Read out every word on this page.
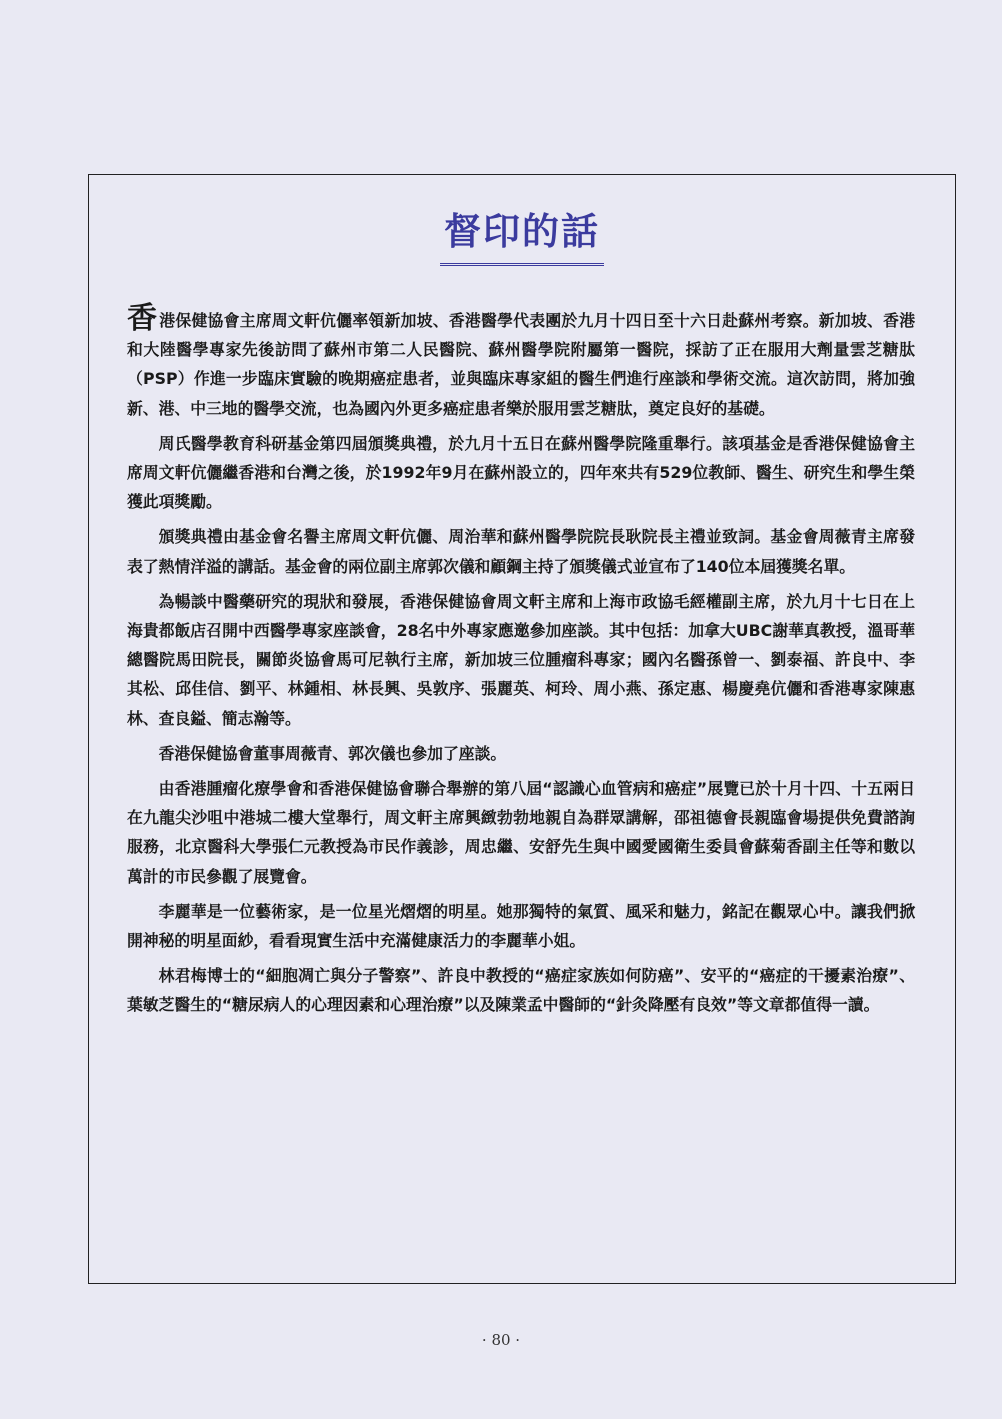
督印的話

香港保健協會主席周文軒伉儷率領新加坡、香港醫學代表團於九月十四日至十六日赴蘇州考察。新加坡、香港和大陸醫學專家先後訪問了蘇州市第二人民醫院、蘇州醫學院附屬第一醫院，採訪了正在服用大劑量雲芝糖肽（PSP）作進一步臨床實驗的晚期癌症患者，並與臨床專家組的醫生們進行座談和學術交流。這次訪問，將加強新、港、中三地的醫學交流，也為國內外更多癌症患者樂於服用雲芝糖肽，奠定良好的基礎。

周氏醫學教育科研基金第四屆頒獎典禮，於九月十五日在蘇州醫學院隆重舉行。該項基金是香港保健協會主席周文軒伉儷繼香港和台灣之後，於1992年9月在蘇州設立的，四年來共有529位教師、醫生、研究生和學生榮獲此項獎勵。

頒獎典禮由基金會名譽主席周文軒伉儷、周治華和蘇州醫學院院長耿院長主禮並致詞。基金會周薇青主席發表了熱情洋溢的講話。基金會的兩位副主席郭次儀和顧鋼主持了頒獎儀式並宣布了140位本屆獲獎名單。

為暢談中醫藥研究的現狀和發展，香港保健協會周文軒主席和上海市政協毛經權副主席，於九月十七日在上海貴都飯店召開中西醫學專家座談會，28名中外專家應邀參加座談。其中包括：加拿大UBC謝華真教授，溫哥華總醫院馬田院長，關節炎協會馬可尼執行主席，新加坡三位腫瘤科專家；國內名醫孫曾一、劉泰福、許良中、李其松、邱佳信、劉平、林鍾相、林長興、吳敦序、張麗英、柯玲、周小燕、孫定惠、楊慶堯伉儷和香港專家陳惠林、查良鎰、簡志瀚等。

香港保健協會董事周薇青、郭次儀也參加了座談。

由香港腫瘤化療學會和香港保健協會聯合舉辦的第八屆“認識心血管病和癌症”展覽已於十月十四、十五兩日在九龍尖沙咀中港城二樓大堂舉行，周文軒主席興緻勃勃地親自為群眾講解，邵祖德會長親臨會場提供免費諮詢服務，北京醫科大學張仁元教授為市民作義診，周忠繼、安舒先生與中國愛國衛生委員會蘇菊香副主任等和數以萬計的市民參觀了展覽會。

李麗華是一位藝術家，是一位星光熠熠的明星。她那獨特的氣質、風采和魅力，銘記在觀眾心中。讓我們掀開神秘的明星面紗，看看現實生活中充滿健康活力的李麗華小姐。

林君梅博士的“細胞凋亡與分子警察”、許良中教授的“癌症家族如何防癌”、安平的“癌症的干擾素治療”、葉敏芝醫生的“糖尿病人的心理因素和心理治療”以及陳業孟中醫師的“針灸降壓有良效”等文章都值得一讀。

· 80 ·
